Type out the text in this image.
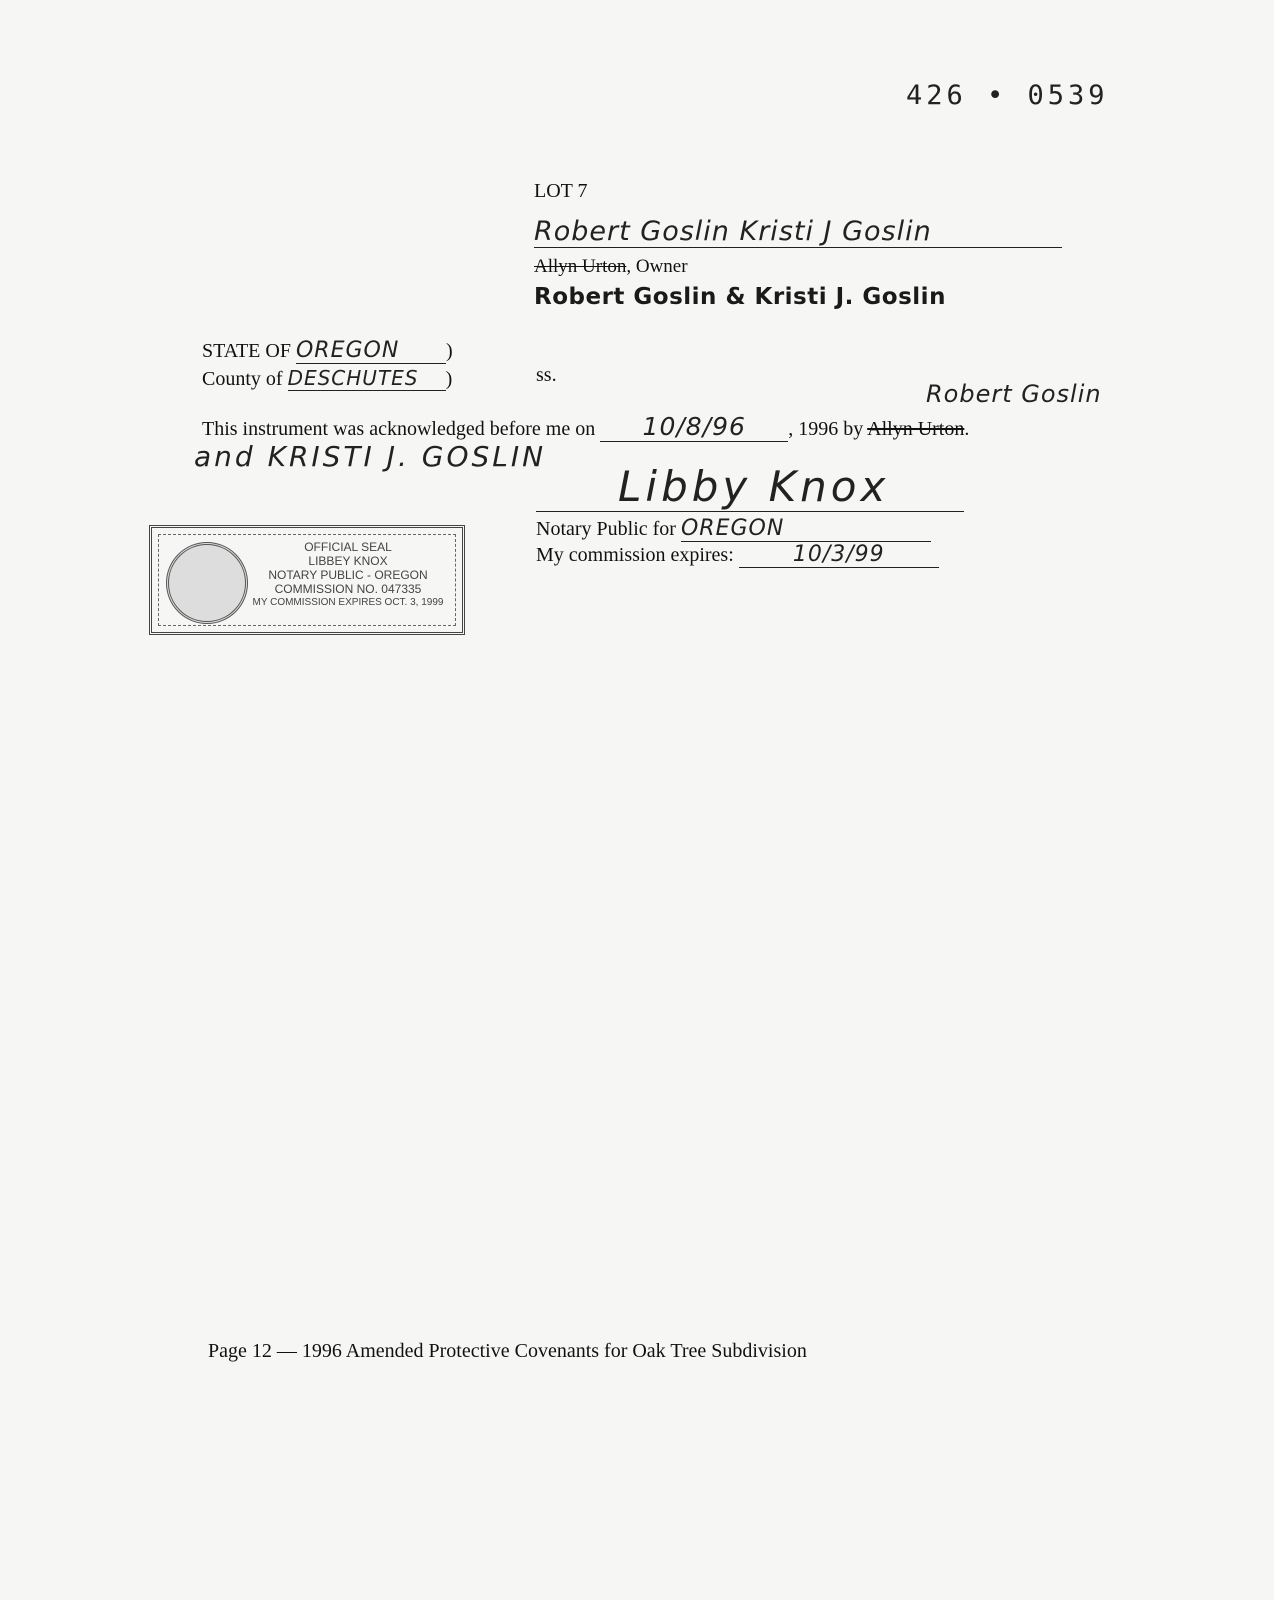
426 • 0539
LOT 7
Robert Goslin Kristi J Goslin
Allyn Urton, Owner
Robert Goslin & Kristi J. Goslin
STATE OF OREGON )
County of DESCHUTES )	ss.
Robert Goslin
This instrument was acknowledged before me on 10/8/96 , 1996 by Allyn Urton.
and KRISTI J. GOSLIN
Libby Knox
Notary Public for OREGON
My commission expires:	10/3/99
OFFICIAL SEAL
LIBBEY KNOX
NOTARY PUBLIC - OREGON
COMMISSION NO. 047335
MY COMMISSION EXPIRES OCT. 3, 1999
Page 12 — 1996 Amended Protective Covenants for Oak Tree Subdivision
